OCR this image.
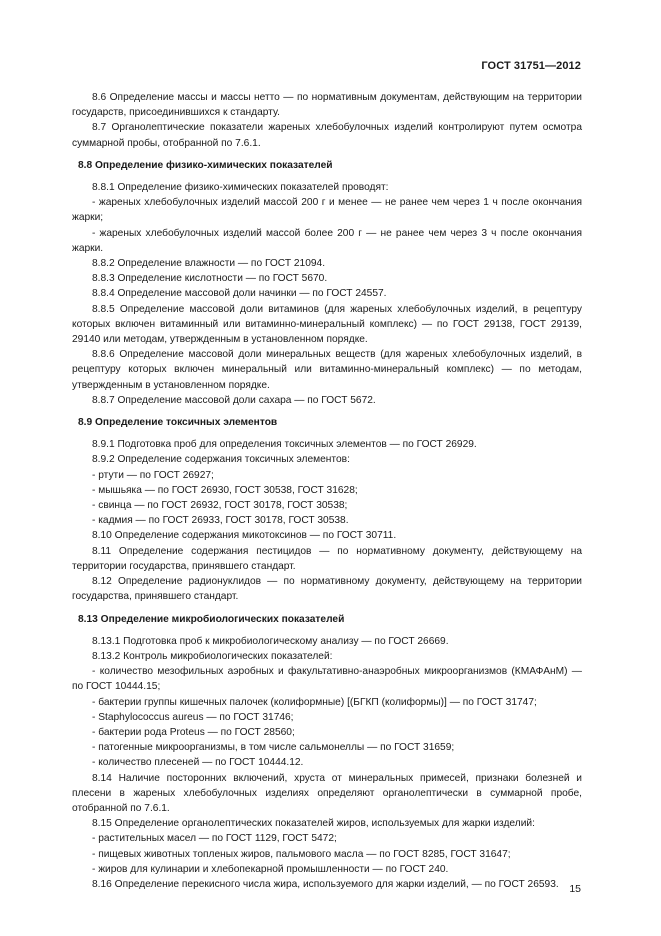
ГОСТ 31751—2012

8.6 Определение массы и массы нетто — по нормативным документам, действующим на территории государств, присоединившихся к стандарту.

8.7 Органолептические показатели жареных хлебобулочных изделий контролируют путем осмотра суммарной пробы, отобранной по 7.6.1.

8.8 Определение физико-химических показателей

8.8.1 Определение физико-химических показателей проводят:

- жареных хлебобулочных изделий массой 200 г и менее — не ранее чем через 1 ч после окончания жарки;

- жареных хлебобулочных изделий массой более 200 г — не ранее чем через 3 ч после окончания жарки.

8.8.2 Определение влажности — по ГОСТ 21094.

8.8.3 Определение кислотности — по ГОСТ 5670.

8.8.4 Определение массовой доли начинки — по ГОСТ 24557.

8.8.5 Определение массовой доли витаминов (для жареных хлебобулочных изделий, в рецептуру которых включен витаминный или витаминно-минеральный комплекс) — по ГОСТ 29138, ГОСТ 29139, 29140 или методам, утвержденным в установленном порядке.

8.8.6 Определение массовой доли минеральных веществ (для жареных хлебобулочных изделий, в рецептуру которых включен минеральный или витаминно-минеральный комплекс) — по методам, утвержденным в установленном порядке.

8.8.7 Определение массовой доли сахара — по ГОСТ 5672.

8.9 Определение токсичных элементов

8.9.1 Подготовка проб для определения токсичных элементов — по ГОСТ 26929.

8.9.2 Определение содержания токсичных элементов:

- ртути — по ГОСТ 26927;

- мышьяка — по ГОСТ 26930, ГОСТ 30538, ГОСТ 31628;

- свинца — по ГОСТ 26932, ГОСТ 30178, ГОСТ 30538;

- кадмия — по ГОСТ 26933, ГОСТ 30178, ГОСТ 30538.

8.10 Определение содержания микотоксинов — по ГОСТ 30711.

8.11 Определение содержания пестицидов — по нормативному документу, действующему на территории государства, принявшего стандарт.

8.12 Определение радионуклидов — по нормативному документу, действующему на территории государства, принявшего стандарт.

8.13 Определение микробиологических показателей

8.13.1 Подготовка проб к микробиологическому анализу — по ГОСТ 26669.

8.13.2 Контроль микробиологических показателей:

- количество мезофильных аэробных и факультативно-анаэробных микроорганизмов (КМАФАнМ) — по ГОСТ 10444.15;

- бактерии группы кишечных палочек (колиформные) [(БГКП (колиформы)] — по ГОСТ 31747;

- Staphylococcus aureus — по ГОСТ 31746;

- бактерии рода Proteus — по ГОСТ 28560;

- патогенные микроорганизмы, в том числе сальмонеллы — по ГОСТ 31659;

- количество плесеней — по ГОСТ 10444.12.

8.14 Наличие посторонних включений, хруста от минеральных примесей, признаки болезней и плесени в жареных хлебобулочных изделиях определяют органолептически в суммарной пробе, отобранной по 7.6.1.

8.15 Определение органолептических показателей жиров, используемых для жарки изделий:

- растительных масел — по ГОСТ 1129, ГОСТ 5472;

- пищевых животных топленых жиров, пальмового масла — по ГОСТ 8285, ГОСТ 31647;

- жиров для кулинарии и хлебопекарной промышленности — по ГОСТ 240.

8.16 Определение перекисного числа жира, используемого для жарки изделий, — по ГОСТ 26593.	15
